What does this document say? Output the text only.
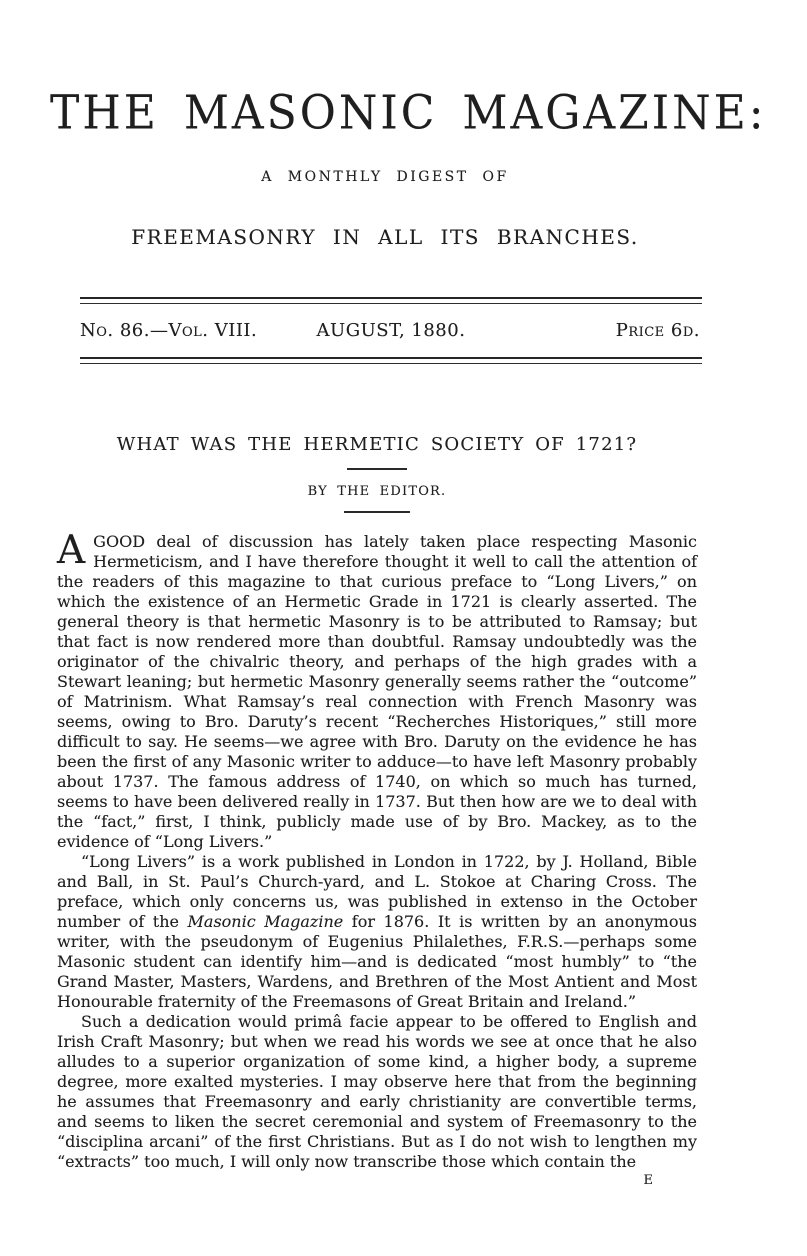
THE MASONIC MAGAZINE:
A MONTHLY DIGEST OF
FREEMASONRY IN ALL ITS BRANCHES.
No. 86.—Vol. VIII.	AUGUST, 1880.	Price 6d.
WHAT WAS THE HERMETIC SOCIETY OF 1721?
BY THE EDITOR.

AGOOD deal of discussion has lately taken place respecting Masonic Hermeticism, and I have therefore thought it well to call the attention of the readers of this magazine to that curious preface to “Long Livers,” on which the existence of an Hermetic Grade in 1721 is clearly asserted. The general theory is that hermetic Masonry is to be attributed to Ramsay; but that fact is now rendered more than doubtful. Ramsay undoubtedly was the originator of the chivalric theory, and perhaps of the high grades with a Stewart leaning; but hermetic Masonry generally seems rather the “outcome” of Matrinism. What Ramsay’s real connection with French Masonry was seems, owing to Bro. Daruty’s recent “Recherches Historiques,” still more difficult to say. He seems—we agree with Bro. Daruty on the evidence he has been the first of any Masonic writer to adduce—to have left Masonry probably about 1737. The famous address of 1740, on which so much has turned, seems to have been delivered really in 1737. But then how are we to deal with the “fact,” first, I think, publicly made use of by Bro. Mackey, as to the evidence of “Long Livers.”

“Long Livers” is a work published in London in 1722, by J. Holland, Bible and Ball, in St. Paul’s Church-yard, and L. Stokoe at Charing Cross. The preface, which only concerns us, was published in extenso in the October number of the Masonic Magazine for 1876. It is written by an anonymous writer, with the pseudonym of Eugenius Philalethes, F.R.S.—perhaps some Masonic student can identify him—and is dedicated “most humbly” to “the Grand Master, Masters, Wardens, and Brethren of the Most Antient and Most Honourable fraternity of the Freemasons of Great Britain and Ireland.”

Such a dedication would primâ facie appear to be offered to English and Irish Craft Masonry; but when we read his words we see at once that he also alludes to a superior organization of some kind, a higher body, a supreme degree, more exalted mysteries. I may observe here that from the beginning he assumes that Freemasonry and early christianity are convertible terms, and seems to liken the secret ceremonial and system of Freemasonry to the “disciplina arcani” of the first Christians. But as I do not wish to lengthen my “extracts” too much, I will only now transcribe those which contain the

E
